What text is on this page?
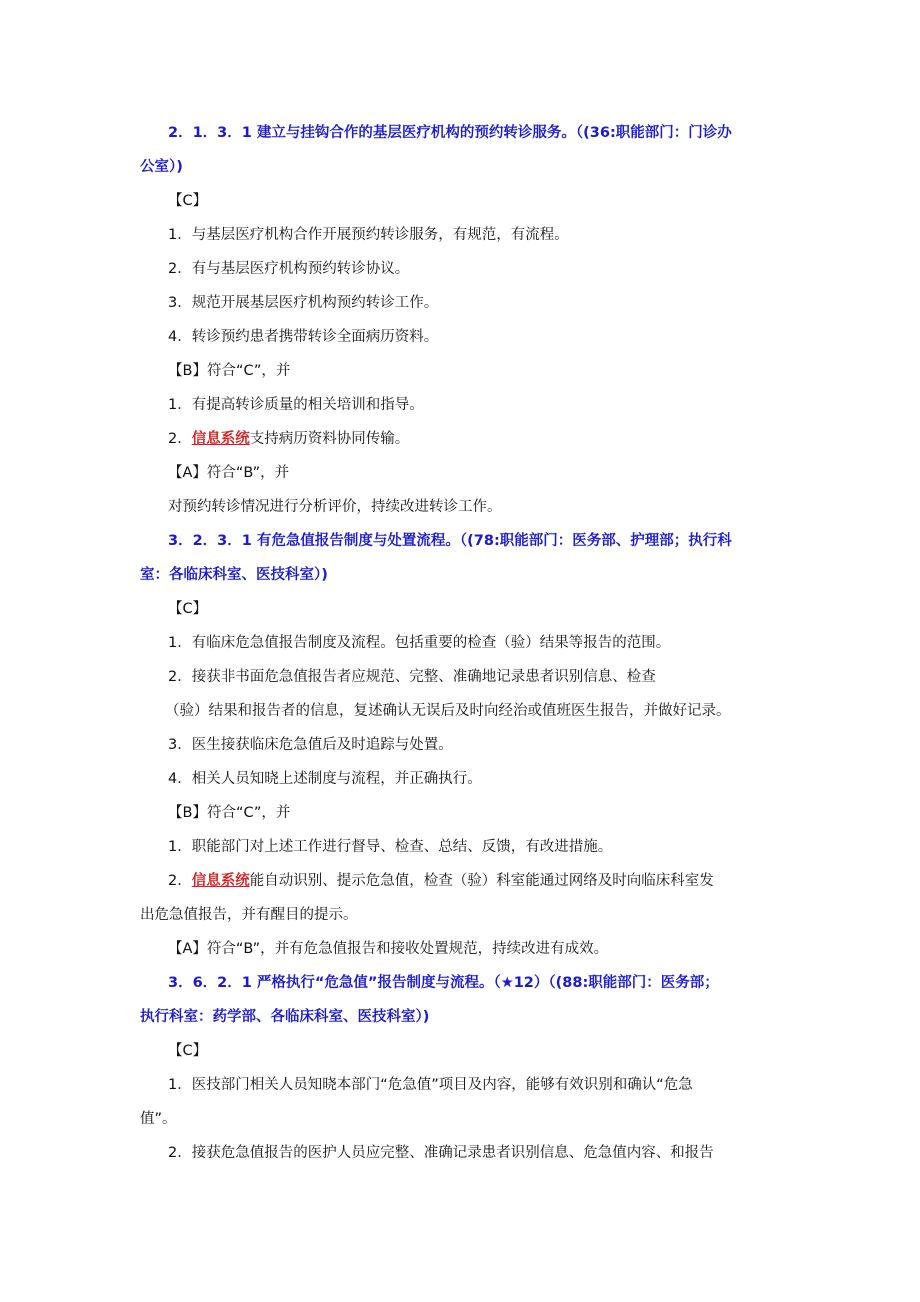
2．1．3．1 建立与挂钩合作的基层医疗机构的预约转诊服务。（(36:职能部门：门诊办
公室）)
【C】
1．与基层医疗机构合作开展预约转诊服务，有规范，有流程。
2．有与基层医疗机构预约转诊协议。
3．规范开展基层医疗机构预约转诊工作。
4．转诊预约患者携带转诊全面病历资料。
【B】符合“C”，并
1．有提高转诊质量的相关培训和指导。
2．信息系统支持病历资料协同传输。
【A】符合“B”，并
对预约转诊情况进行分析评价，持续改进转诊工作。
3．2．3．1 有危急值报告制度与处置流程。（(78:职能部门：医务部、护理部；执行科
室：各临床科室、医技科室）)
【C】
1．有临床危急值报告制度及流程。包括重要的检查（验）结果等报告的范围。
2．接获非书面危急值报告者应规范、完整、准确地记录患者识别信息、检查
（验）结果和报告者的信息，复述确认无误后及时向经治或值班医生报告，并做好记录。
3．医生接获临床危急值后及时追踪与处置。
4．相关人员知晓上述制度与流程，并正确执行。
【B】符合“C”，并
1．职能部门对上述工作进行督导、检查、总结、反馈，有改进措施。
2．信息系统能自动识别、提示危急值，检查（验）科室能通过网络及时向临床科室发
出危急值报告，并有醒目的提示。
【A】符合“B”，并有危急值报告和接收处置规范，持续改进有成效。
3．6．2．1 严格执行“危急值”报告制度与流程。（★12）（(88:职能部门：医务部；
执行科室：药学部、各临床科室、医技科室）)
【C】
1．医技部门相关人员知晓本部门“危急值”项目及内容，能够有效识别和确认“危急
值”。
2．接获危急值报告的医护人员应完整、准确记录患者识别信息、危急值内容、和报告
